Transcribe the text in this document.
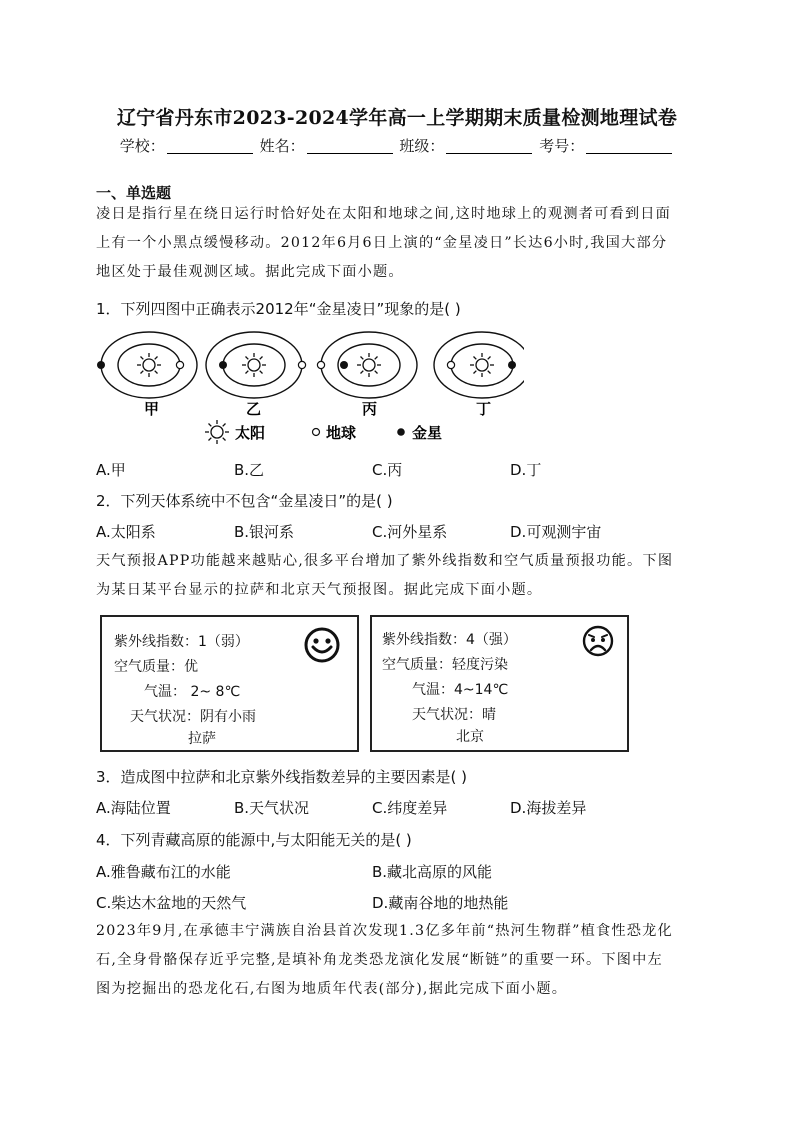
辽宁省丹东市2023-2024学年高一上学期期末质量检测地理试卷
学校：	姓名：	班级：	考号：
一、单选题
凌日是指行星在绕日运行时恰好处在太阳和地球之间,这时地球上的观测者可看到日面
上有一个小黑点缓慢移动。2012年6月6日上演的“金星凌日”长达6小时,我国大部分
地区处于最佳观测区域。据此完成下面小题。
1．下列四图中正确表示2012年“金星凌日”现象的是( )
甲	乙	丙	丁
太阳	地球	金星
A.甲	B.乙	C.丙	D.丁
2．下列天体系统中不包含“金星凌日”的是( )
A.太阳系	B.银河系	C.河外星系	D.可观测宇宙
天气预报APP功能越来越贴心,很多平台增加了紫外线指数和空气质量预报功能。下图
为某日某平台显示的拉萨和北京天气预报图。据此完成下面小题。
紫外线指数：1（弱）
空气质量：优
气温： 2~ 8℃
天气状况：阴有小雨
拉萨
紫外线指数：4（强）
空气质量：轻度污染
气温：4~14℃
天气状况：晴
北京
3．造成图中拉萨和北京紫外线指数差异的主要因素是( )
A.海陆位置	B.天气状况	C.纬度差异	D.海拔差异
4．下列青藏高原的能源中,与太阳能无关的是( )
A.雅鲁藏布江的水能	B.藏北高原的风能
C.柴达木盆地的天然气	D.藏南谷地的地热能
2023年9月,在承德丰宁满族自治县首次发现1.3亿多年前“热河生物群”植食性恐龙化
石,全身骨骼保存近乎完整,是填补角龙类恐龙演化发展“断链”的重要一环。下图中左
图为挖掘出的恐龙化石,右图为地质年代表(部分),据此完成下面小题。
